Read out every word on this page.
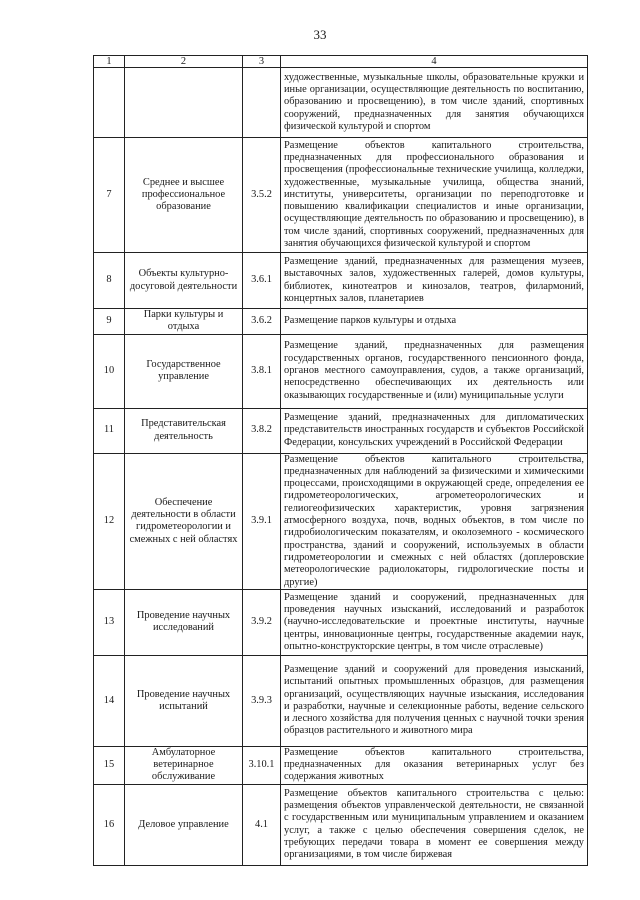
33
1	2	3	4
			художественные, музыкальные школы, образовательные кружки и иные организации, осуществляющие деятельность по воспитанию, образованию и просвещению), в том числе зданий, спортивных сооружений, предназначенных для занятия обучающихся физической культурой и спортом
7	Среднее и высшее профессиональное образование	3.5.2	Размещение объектов капитального строительства, предназначенных для профессионального образования и просвещения (профессиональные технические училища, колледжи, художественные, музыкальные училища, общества знаний, институты, университеты, организации по переподготовке и повышению квалификации специалистов и иные организации, осуществляющие деятельность по образованию и просвещению), в том числе зданий, спортивных сооружений, предназначенных для занятия обучающихся физической культурой и спортом
8	Объекты культурно-досуговой деятельности	3.6.1	Размещение зданий, предназначенных для размещения музеев, выставочных залов, художественных галерей, домов культуры, библиотек, кинотеатров и кинозалов, театров, филармоний, концертных залов, планетариев
9	Парки культуры и отдыха	3.6.2	Размещение парков культуры и отдыха
10	Государственное управление	3.8.1	Размещение зданий, предназначенных для размещения государственных органов, государственного пенсионного фонда, органов местного самоуправления, судов, а также организаций, непосредственно обеспечивающих их деятельность или оказывающих государственные и (или) муниципальные услуги
11	Представительская деятельность	3.8.2	Размещение зданий, предназначенных для дипломатических представительств иностранных государств и субъектов Российской Федерации, консульских учреждений в Российской Федерации
12	Обеспечение деятельности в области гидрометеорологии и смежных с ней областях	3.9.1	Размещение объектов капитального строительства, предназначенных для наблюдений за физическими и химическими процессами, происходящими в окружающей среде, определения ее гидрометеорологических, агрометеорологических и гелиогеофизических характеристик, уровня загрязнения атмосферного воздуха, почв, водных объектов, в том числе по гидробиологическим показателям, и околоземного - космического пространства, зданий и сооружений, используемых в области гидрометеорологии и смежных с ней областях (доплеровские метеорологические радиолокаторы, гидрологические посты и другие)
13	Проведение научных исследований	3.9.2	Размещение зданий и сооружений, предназначенных для проведения научных изысканий, исследований и разработок (научно-исследовательские и проектные институты, научные центры, инновационные центры, государственные академии наук, опытно-конструкторские центры, в том числе отраслевые)
14	Проведение научных испытаний	3.9.3	Размещение зданий и сооружений для проведения изысканий, испытаний опытных промышленных образцов, для размещения организаций, осуществляющих научные изыскания, исследования и разработки, научные и селекционные работы, ведение сельского и лесного хозяйства для получения ценных с научной точки зрения образцов растительного и животного мира
15	Амбулаторное ветеринарное обслуживание	3.10.1	Размещение объектов капитального строительства, предназначенных для оказания ветеринарных услуг без содержания животных
16	Деловое управление	4.1	Размещение объектов капитального строительства с целью: размещения объектов управленческой деятельности, не связанной с государственным или муниципальным управлением и оказанием услуг, а также с целью обеспечения совершения сделок, не требующих передачи товара в момент ее совершения между организациями, в том числе биржевая
